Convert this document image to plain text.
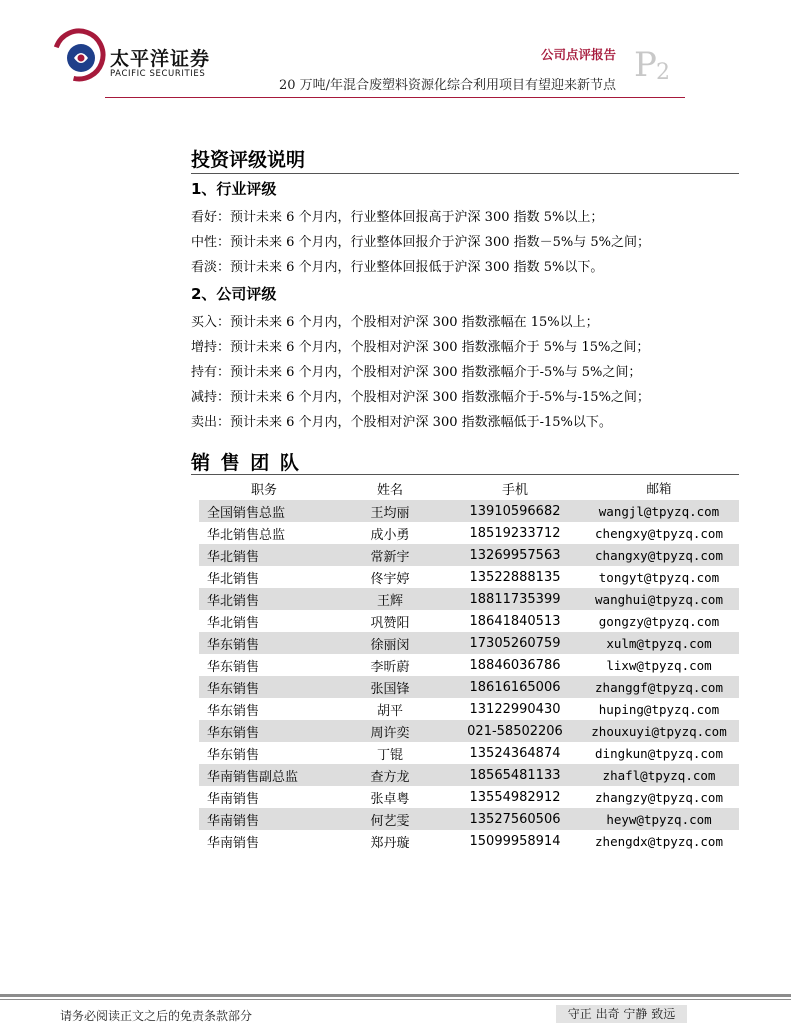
太平洋证券
PACIFIC SECURITIES
公司点评报告
20 万吨/年混合废塑料资源化综合利用项目有望迎来新节点
P 2
投资评级说明
1、行业评级
看好：预计未来 6 个月内，行业整体回报高于沪深 300 指数 5%以上；
中性：预计未来 6 个月内，行业整体回报介于沪深 300 指数－5%与 5%之间；
看淡：预计未来 6 个月内，行业整体回报低于沪深 300 指数 5%以下。
2、公司评级
买入：预计未来 6 个月内，个股相对沪深 300 指数涨幅在 15%以上；
增持：预计未来 6 个月内，个股相对沪深 300 指数涨幅介于 5%与 15%之间；
持有：预计未来 6 个月内，个股相对沪深 300 指数涨幅介于-5%与 5%之间；
减持：预计未来 6 个月内，个股相对沪深 300 指数涨幅介于-5%与-15%之间；
卖出：预计未来 6 个月内，个股相对沪深 300 指数涨幅低于-15%以下。
销 售 团 队
职务	姓名	手机	邮箱
全国销售总监	王均丽	13910596682	wangjl@tpyzq.com
华北销售总监	成小勇	18519233712	chengxy@tpyzq.com
华北销售	常新宇	13269957563	changxy@tpyzq.com
华北销售	佟宇婷	13522888135	tongyt@tpyzq.com
华北销售	王辉	18811735399	wanghui@tpyzq.com
华北销售	巩赞阳	18641840513	gongzy@tpyzq.com
华东销售	徐丽闵	17305260759	xulm@tpyzq.com
华东销售	李昕蔚	18846036786	lixw@tpyzq.com
华东销售	张国锋	18616165006	zhanggf@tpyzq.com
华东销售	胡平	13122990430	huping@tpyzq.com
华东销售	周许奕	021-58502206	zhouxuyi@tpyzq.com
华东销售	丁锟	13524364874	dingkun@tpyzq.com
华南销售副总监	查方龙	18565481133	zhafl@tpyzq.com
华南销售	张卓粤	13554982912	zhangzy@tpyzq.com
华南销售	何艺雯	13527560506	heyw@tpyzq.com
华南销售	郑丹璇	15099958914	zhengdx@tpyzq.com
请务必阅读正文之后的免责条款部分	守正 出奇 宁静 致远
